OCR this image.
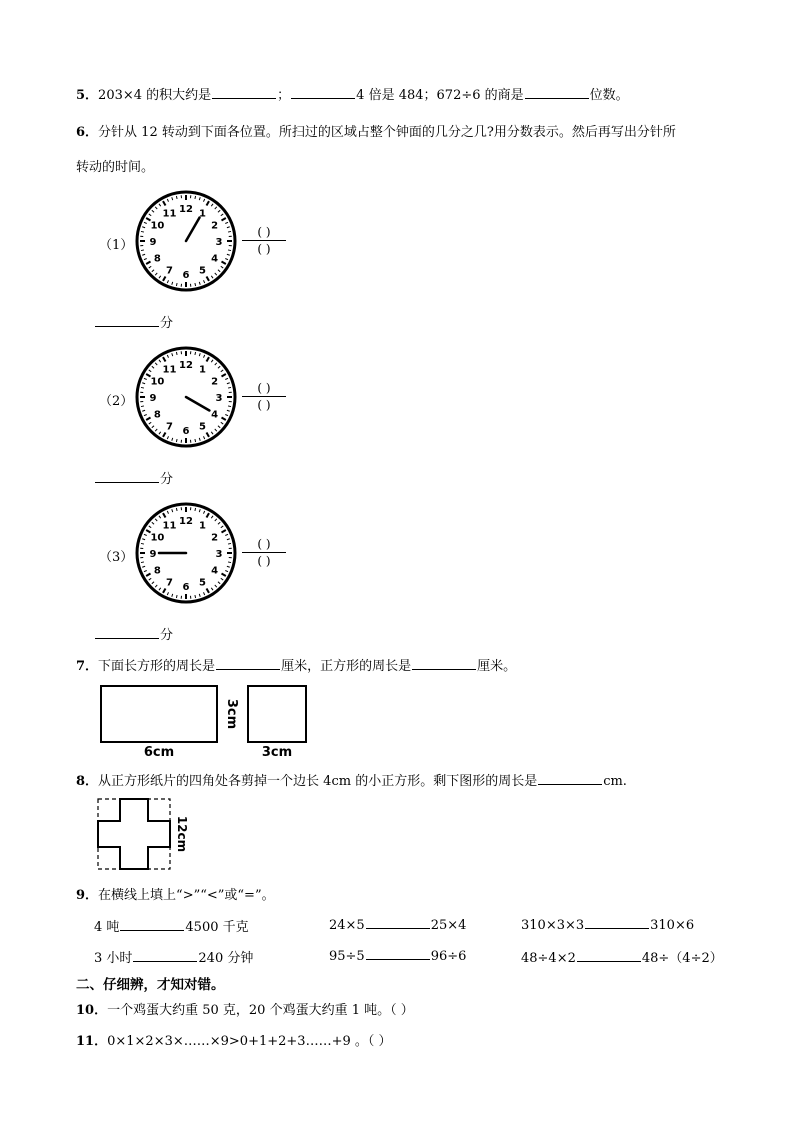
5．203×4 的积大约是	；	4 倍是 484；672÷6 的商是	位数。
6．分针从 12 转动到下面各位置。所扫过的区域占整个钟面的几分之几?用分数表示。然后再写出分针所
转动的时间。
（1）
12 1
2
3
4
5
6
7
8
9
10
11
( )
( )
分
（2）
12 1
2
3
4
5
6
7
8
9
10
11
( )
( )
分
（3）
12 1
2
3
4
5
6
7
8
9
10
11
( )
( )
分
7．下面长方形的周长是	厘米，正方形的周长是	厘米。
3cm
6cm	3cm
8．从正方形纸片的四角处各剪掉一个边长 4cm 的小正方形。剩下图形的周长是	cm.
12cm
9．在横线上填上“>”“<”或“=”。
4 吨	4500 千克	24×5	25×4	310×3×3	310×6
3 小时	240 分钟	95÷5	96÷6	48÷4×2	48÷（4÷2）
二、仔细辨，才知对错。
10．一个鸡蛋大约重 50 克，20 个鸡蛋大约重 1 吨。（ ）
11．0×1×2×3×……×9>0+1+2+3……+9 。（ ）
